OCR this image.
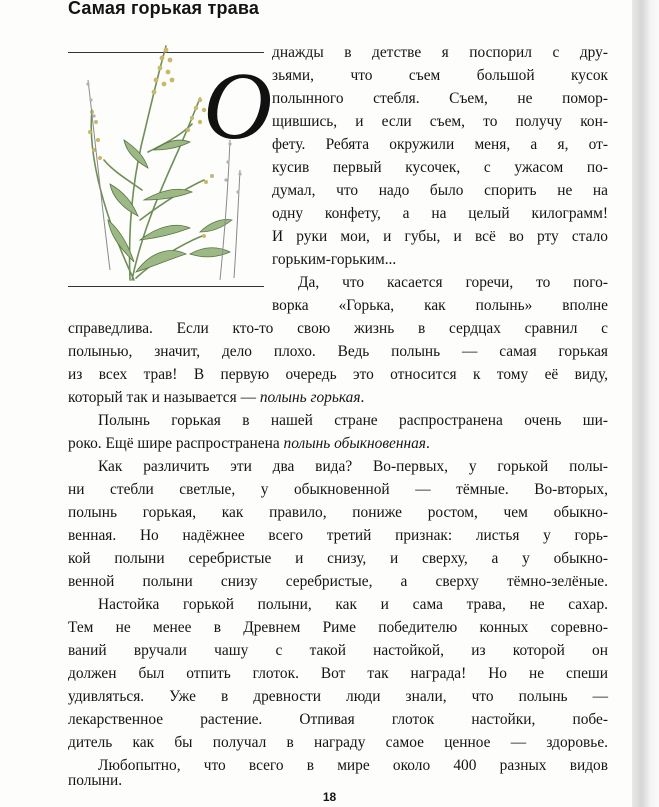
Самая горькая трава
О днажды в детстве я поспорил с дру-

зьями, что съем большой кусок

полынного стебля. Съем, не помор-

щившись, и если съем, то получу кон-

фету. Ребята окружили меня, а я, от-

кусив первый кусочек, с ужасом по-

думал, что надо было спорить не на

одну конфету, а на целый килограмм!

И руки мои, и губы, и всё во рту стало

горьким-горьким...

Да, что касается горечи, то пого-

ворка «Горька, как полынь» вполне

справедлива. Если кто-то свою жизнь в сердцах сравнил с

полынью, значит, дело плохо. Ведь полынь — самая горькая

из всех трав! В первую очередь это относится к тому её виду,

который так и называется — полынь горькая.

Полынь горькая в нашей стране распространена очень ши-

роко. Ещё шире распространена полынь обыкновенная.

Как различить эти два вида? Во-первых, у горькой полы-

ни стебли светлые, у обыкновенной — тёмные. Во-вторых,

полынь горькая, как правило, пониже ростом, чем обыкно-

венная. Но надёжнее всего третий признак: листья у горь-

кой полыни серебристые и снизу, и сверху, а у обыкно-

венной полыни снизу серебристые, а сверху тёмно-зелёные.

Настойка горькой полыни, как и сама трава, не сахар.

Тем не менее в Древнем Риме победителю конных соревно-

ваний вручали чашу с такой настойкой, из которой он

должен был отпить глоток. Вот так награда! Но не спеши

удивляться. Уже в древности люди знали, что полынь —

лекарственное растение. Отпивая глоток настойки, побе-

дитель как бы получал в награду самое ценное — здоровье.

Любопытно, что всего в мире около 400 разных видов

18

полыни.
